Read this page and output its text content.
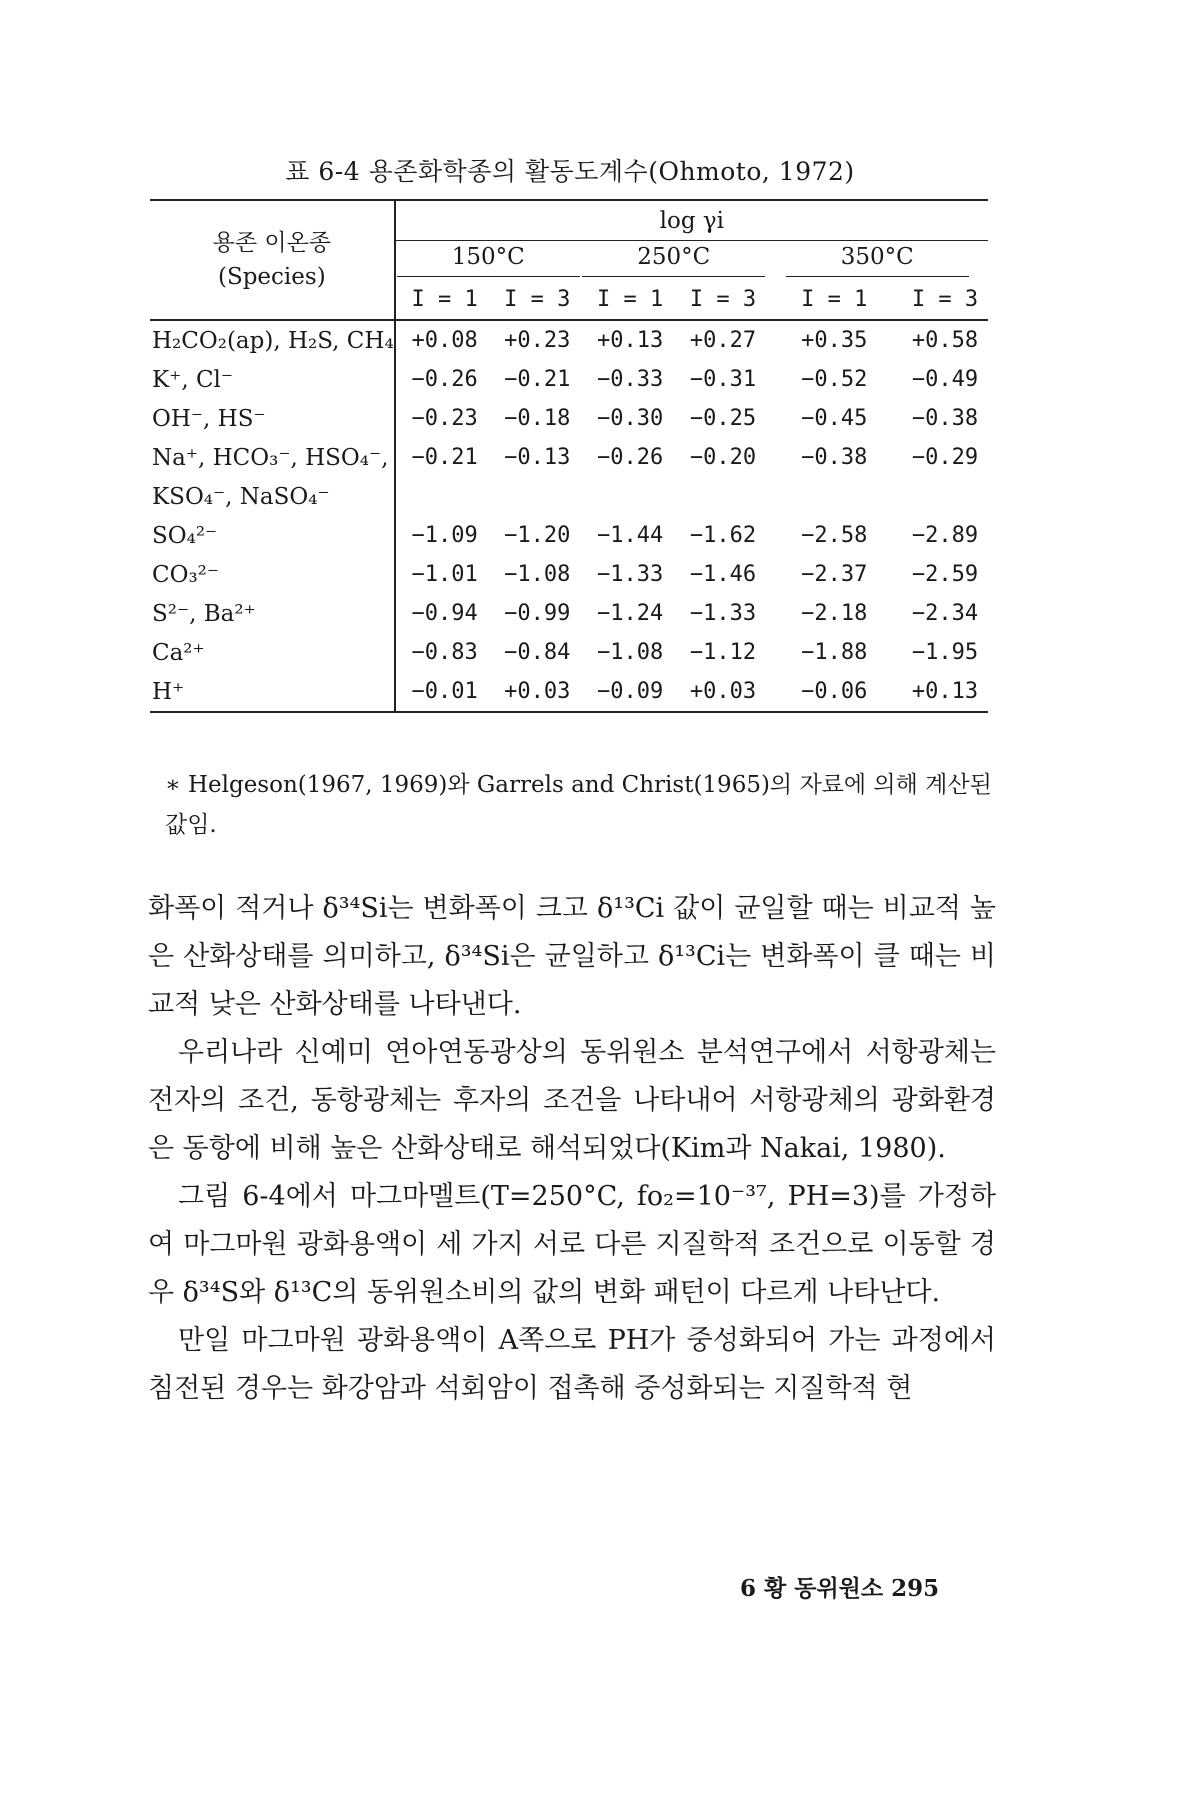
표 6-4 용존화학종의 활동도계수(Ohmoto, 1972)
용존 이온종
(Species)	log γi					
	150°C		250°C		350°C	
	I = 1	I = 3	I = 1	I = 3	I = 1	I = 3
H₂CO₂(ap), H₂S, CH₄	+0.08	+0.23	+0.13	+0.27	+0.35	+0.58
K⁺, Cl⁻	−0.26	−0.21	−0.33	−0.31	−0.52	−0.49
OH⁻, HS⁻	−0.23	−0.18	−0.30	−0.25	−0.45	−0.38
Na⁺, HCO₃⁻, HSO₄⁻,	−0.21	−0.13	−0.26	−0.20	−0.38	−0.29
KSO₄⁻, NaSO₄⁻						
SO₄²⁻	−1.09	−1.20	−1.44	−1.62	−2.58	−2.89
CO₃²⁻	−1.01	−1.08	−1.33	−1.46	−2.37	−2.59
S²⁻, Ba²⁺	−0.94	−0.99	−1.24	−1.33	−2.18	−2.34
Ca²⁺	−0.83	−0.84	−1.08	−1.12	−1.88	−1.95
H⁺	−0.01	+0.03	−0.09	+0.03	−0.06	+0.13
∗ Helgeson(1967, 1969)와 Garrels and Christ(1965)의 자료에 의해 계산된 값임.

화폭이 적거나 δ³⁴Si는 변화폭이 크고 δ¹³Ci 값이 균일할 때는 비교적 높은 산화상태를 의미하고, δ³⁴Si은 균일하고 δ¹³Ci는 변화폭이 클 때는 비교적 낮은 산화상태를 나타낸다.

우리나라 신예미 연아연동광상의 동위원소 분석연구에서 서항광체는 전자의 조건, 동항광체는 후자의 조건을 나타내어 서항광체의 광화환경은 동항에 비해 높은 산화상태로 해석되었다(Kim과 Nakai, 1980).

그림 6-4에서 마그마멜트(T=250°C, fo₂=10⁻³⁷, PH=3)를 가정하여 마그마원 광화용액이 세 가지 서로 다른 지질학적 조건으로 이동할 경우 δ³⁴S와 δ¹³C의 동위원소비의 값의 변화 패턴이 다르게 나타난다.

만일 마그마원 광화용액이 A쪽으로 PH가 중성화되어 가는 과정에서 침전된 경우는 화강암과 석회암이 접촉해 중성화되는 지질학적 현

6 황 동위원소 295
